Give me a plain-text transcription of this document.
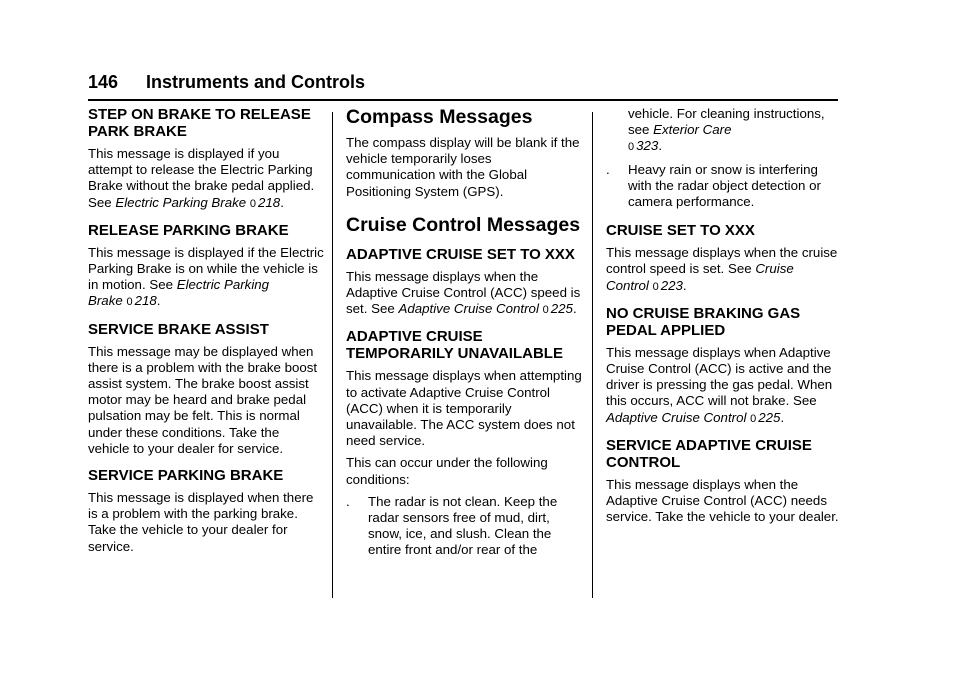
146 Instruments and Controls
STEP ON BRAKE TO RELEASE PARK BRAKE

This message is displayed if you attempt to release the Electric Parking Brake without the brake pedal applied. See Electric Parking Brake 0 218.

RELEASE PARKING BRAKE

This message is displayed if the Electric Parking Brake is on while the vehicle is in motion. See Electric Parking Brake 0 218.

SERVICE BRAKE ASSIST

This message may be displayed when there is a problem with the brake boost assist system. The brake boost assist motor may be heard and brake pedal pulsation may be felt. This is normal under these conditions. Take the vehicle to your dealer for service.

SERVICE PARKING BRAKE

This message is displayed when there is a problem with the parking brake. Take the vehicle to your dealer for service.

Compass Messages

The compass display will be blank if the vehicle temporarily loses communication with the Global Positioning System (GPS).

Cruise Control Messages
ADAPTIVE CRUISE SET TO XXX

This message displays when the Adaptive Cruise Control (ACC) speed is set. See Adaptive Cruise Control 0 225.

ADAPTIVE CRUISE TEMPORARILY UNAVAILABLE

This message displays when attempting to activate Adaptive Cruise Control (ACC) when it is temporarily unavailable. The ACC system does not need service.

This can occur under the following conditions:

. The radar is not clean. Keep the radar sensors free of mud, dirt, snow, ice, and slush. Clean the entire front and/or rear of the
vehicle. For cleaning instructions, see Exterior Care
0 323.
. Heavy rain or snow is interfering with the radar object detection or camera performance.
CRUISE SET TO XXX

This message displays when the cruise control speed is set. See Cruise Control 0 223.

NO CRUISE BRAKING GAS PEDAL APPLIED

This message displays when Adaptive Cruise Control (ACC) is active and the driver is pressing the gas pedal. When this occurs, ACC will not brake. See Adaptive Cruise Control 0 225.

SERVICE ADAPTIVE CRUISE CONTROL

This message displays when the Adaptive Cruise Control (ACC) needs service. Take the vehicle to your dealer.
